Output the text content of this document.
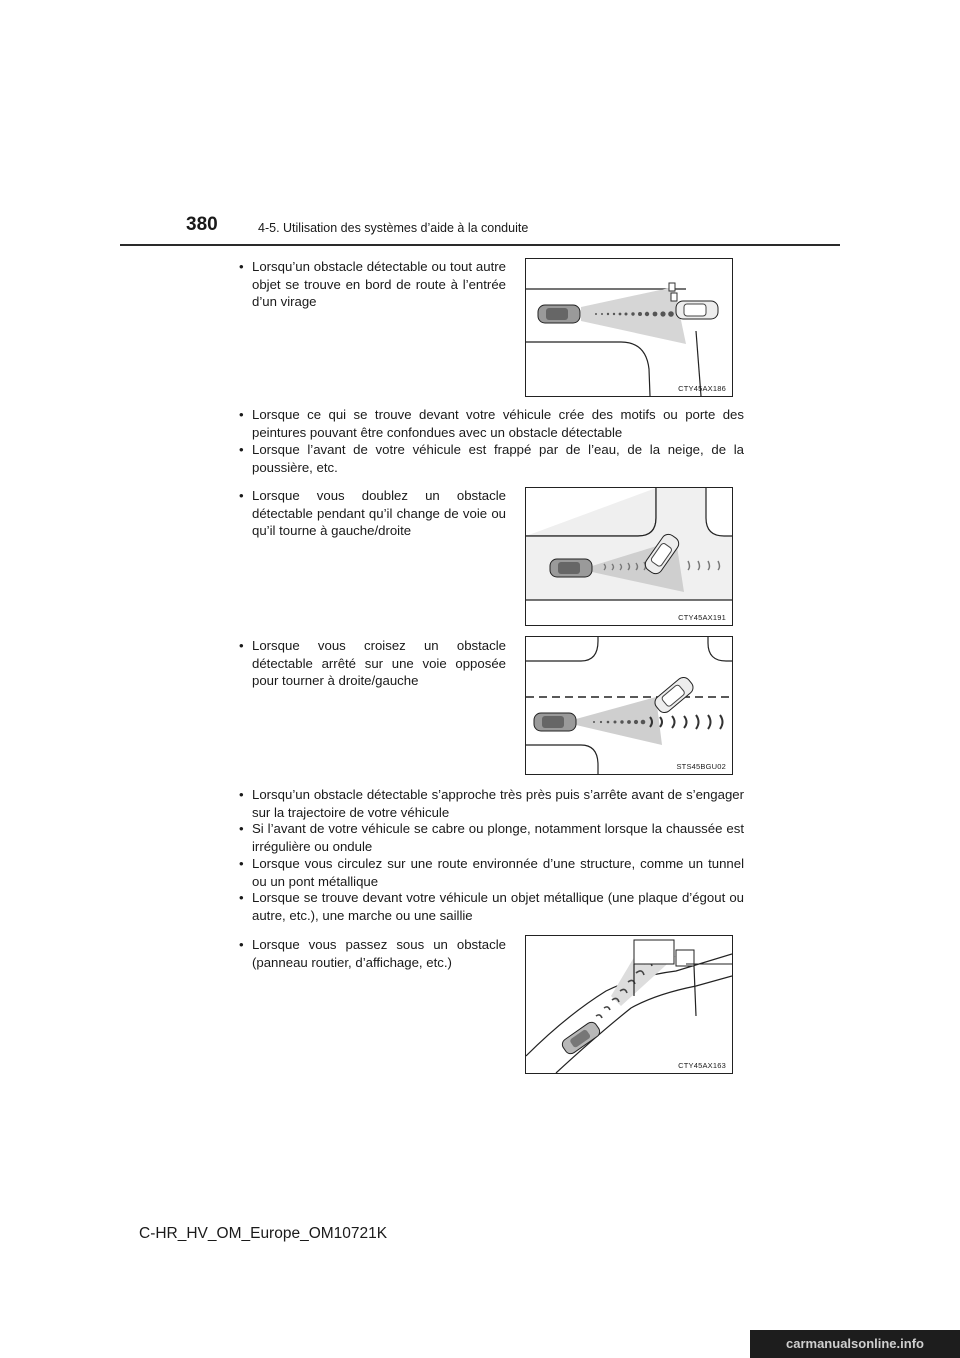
380	4-5. Utilisation des systèmes d’aide à la conduite
• Lorsqu’un obstacle détectable ou tout autre objet se trouve en bord de route à l’entrée d’un virage
CTY45AX186
• Lorsque ce qui se trouve devant votre véhicule crée des motifs ou porte des peintures pouvant être confondues avec un obstacle détectable
• Lorsque l’avant de votre véhicule est frappé par de l’eau, de la neige, de la poussière, etc.
• Lorsque vous doublez un obstacle détectable pendant qu’il change de voie ou qu’il tourne à gauche/droite
CTY45AX191
• Lorsque vous croisez un obstacle détectable arrêté sur une voie opposée pour tourner à droite/gauche
STS45BGU02
• Lorsqu’un obstacle détectable s’approche très près puis s’arrête avant de s’engager sur la trajectoire de votre véhicule
• Si l’avant de votre véhicule se cabre ou plonge, notamment lorsque la chaussée est irrégulière ou ondule
• Lorsque vous circulez sur une route environnée d’une structure, comme un tunnel ou un pont métallique
• Lorsque se trouve devant votre véhicule un objet métallique (une plaque d’égout ou autre, etc.), une marche ou une saillie
• Lorsque vous passez sous un obstacle (panneau routier, d’affichage, etc.)
CTY45AX163
C-HR_HV_OM_Europe_OM10721K
carmanualsonline.info
